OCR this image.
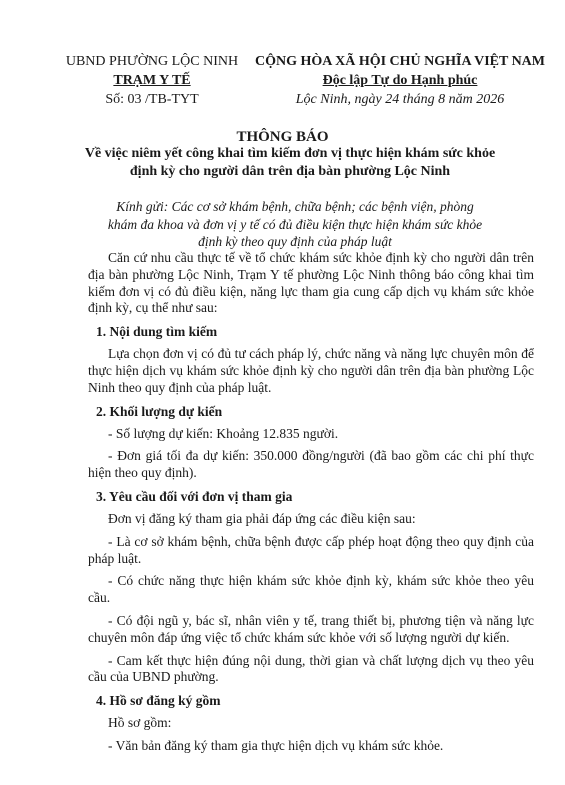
UBND PHƯỜNG LỘC NINH
TRẠM Y TẾ
Số: 03 /TB-TYT
CỘNG HÒA XÃ HỘI CHỦ NGHĨA VIỆT NAM
Độc lập Tự do Hạnh phúc
Lộc Ninh, ngày 24 tháng 8 năm 2026
THÔNG BÁO
Về việc niêm yết công khai tìm kiếm đơn vị thực hiện khám sức khỏe định kỳ cho người dân trên địa bàn phường Lộc Ninh
Kính gửi: Các cơ sở khám bệnh, chữa bệnh; các bệnh viện, phòng khám đa khoa và đơn vị y tế có đủ điều kiện thực hiện khám sức khỏe định kỳ theo quy định của pháp luật

Căn cứ nhu cầu thực tế về tổ chức khám sức khỏe định kỳ cho người dân trên địa bàn phường Lộc Ninh, Trạm Y tế phường Lộc Ninh thông báo công khai tìm kiếm đơn vị có đủ điều kiện, năng lực tham gia cung cấp dịch vụ khám sức khỏe định kỳ, cụ thể như sau:

1. Nội dung tìm kiếm

Lựa chọn đơn vị có đủ tư cách pháp lý, chức năng và năng lực chuyên môn để thực hiện dịch vụ khám sức khỏe định kỳ cho người dân trên địa bàn phường Lộc Ninh theo quy định của pháp luật.

2. Khối lượng dự kiến

- Số lượng dự kiến: Khoảng 12.835 người.

- Đơn giá tối đa dự kiến: 350.000 đồng/người (đã bao gồm các chi phí thực hiện theo quy định).

3. Yêu cầu đối với đơn vị tham gia

Đơn vị đăng ký tham gia phải đáp ứng các điều kiện sau:

- Là cơ sở khám bệnh, chữa bệnh được cấp phép hoạt động theo quy định của pháp luật.

- Có chức năng thực hiện khám sức khỏe định kỳ, khám sức khỏe theo yêu cầu.

- Có đội ngũ y, bác sĩ, nhân viên y tế, trang thiết bị, phương tiện và năng lực chuyên môn đáp ứng việc tổ chức khám sức khỏe với số lượng người dự kiến.

- Cam kết thực hiện đúng nội dung, thời gian và chất lượng dịch vụ theo yêu cầu của UBND phường.

4. Hồ sơ đăng ký gồm

Hồ sơ gồm:

- Văn bản đăng ký tham gia thực hiện dịch vụ khám sức khỏe.
